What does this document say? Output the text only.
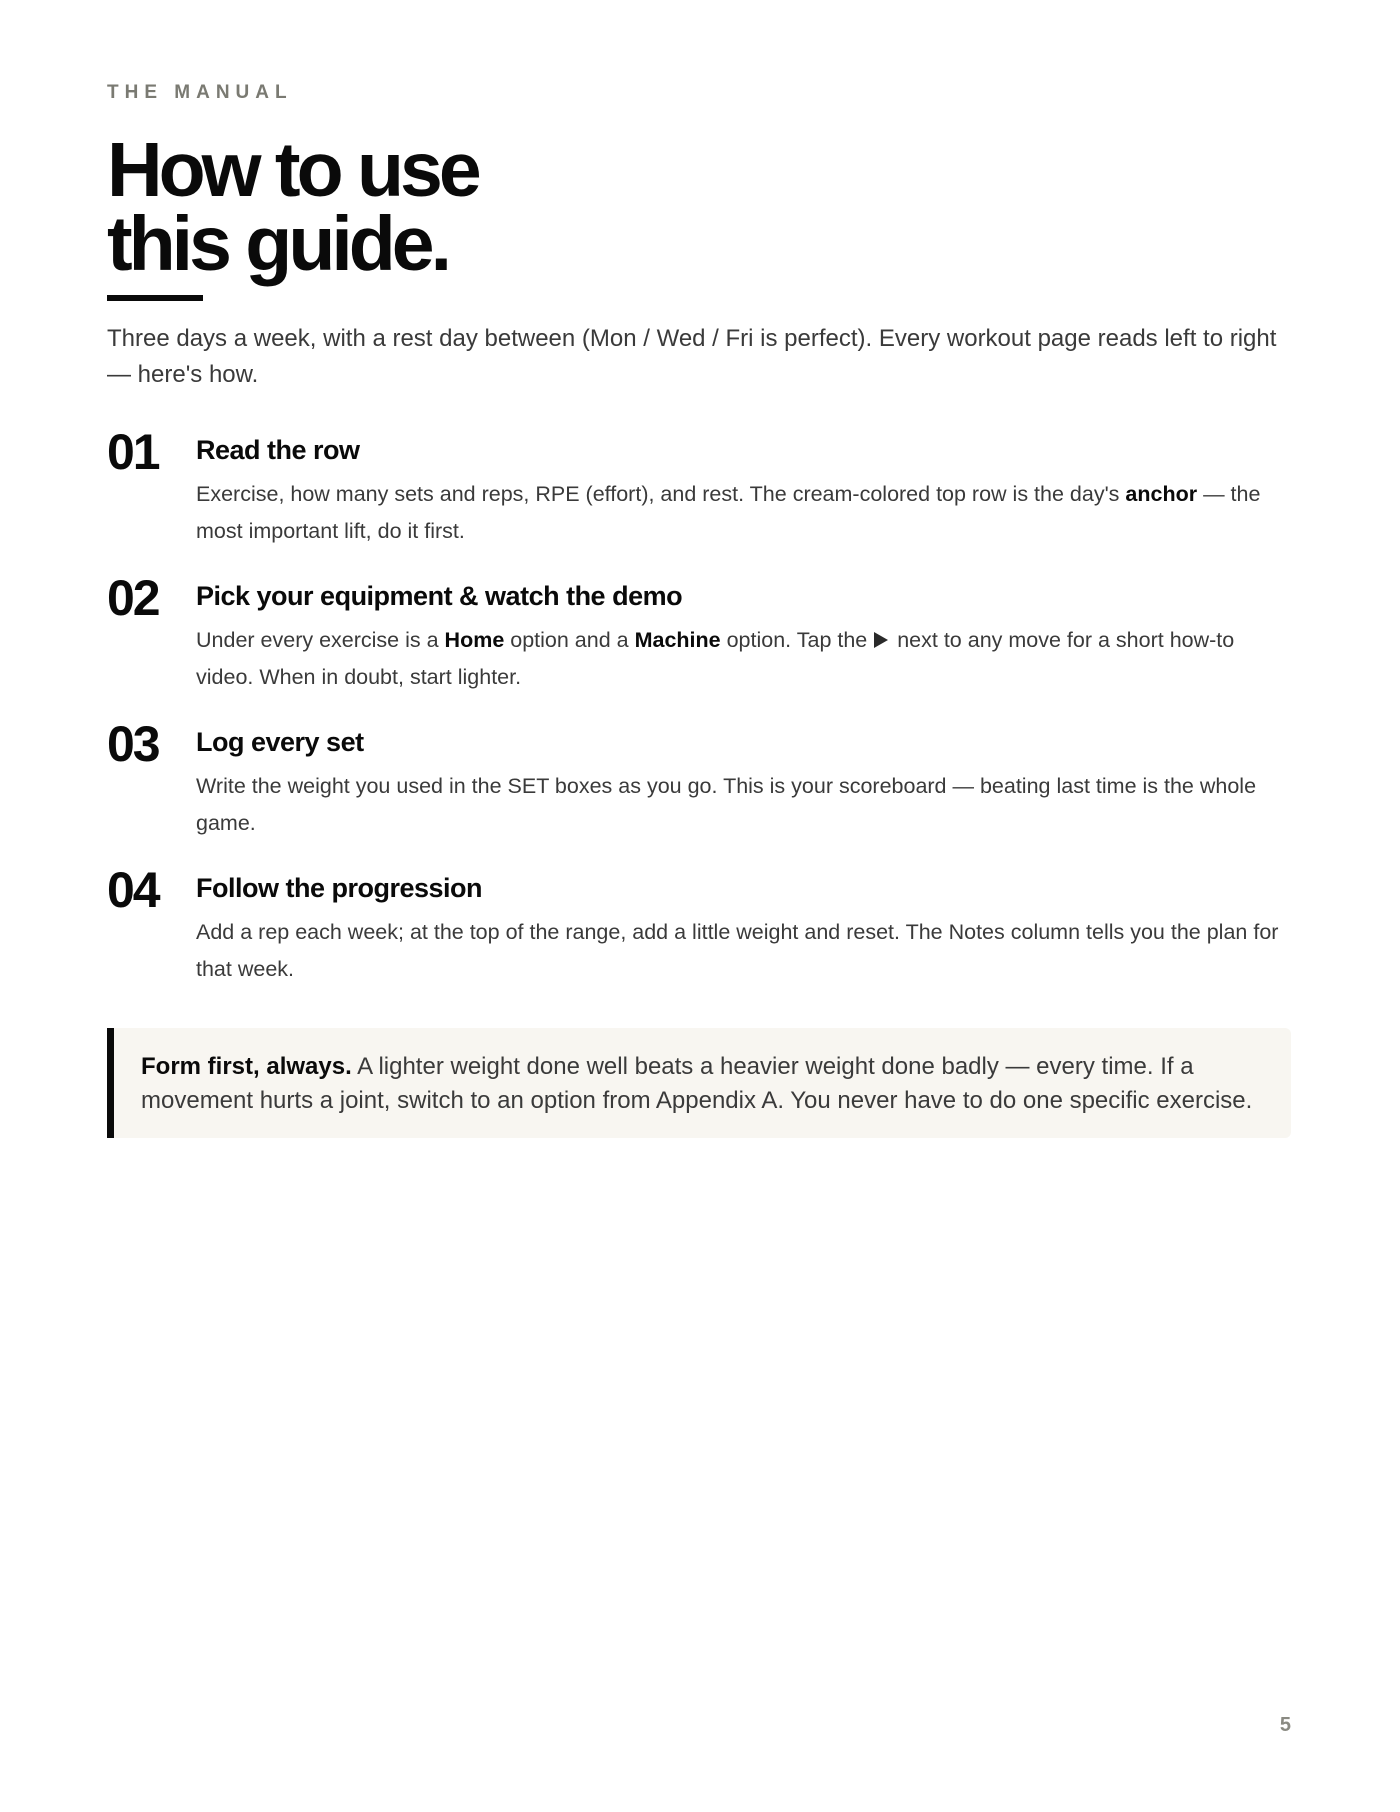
THE MANUAL
How to use
this guide.

Three days a week, with a rest day between (Mon / Wed / Fri is perfect). Every workout page reads left to right — here's how.

01 Read the row

Exercise, how many sets and reps, RPE (effort), and rest. The cream-colored top row is the day's anchor — the most important lift, do it first.

02 Pick your equipment & watch the demo

Under every exercise is a Home option and a Machine option. Tap the  next to any move for a short how-to video. When in doubt, start lighter.

03 Log every set

Write the weight you used in the SET boxes as you go. This is your scoreboard — beating last time is the whole game.

04 Follow the progression

Add a rep each week; at the top of the range, add a little weight and reset. The Notes column tells you the plan for that week.

Form first, always. A lighter weight done well beats a heavier weight done badly — every time. If a movement hurts a joint, switch to an option from Appendix A. You never have to do one specific exercise.
5
